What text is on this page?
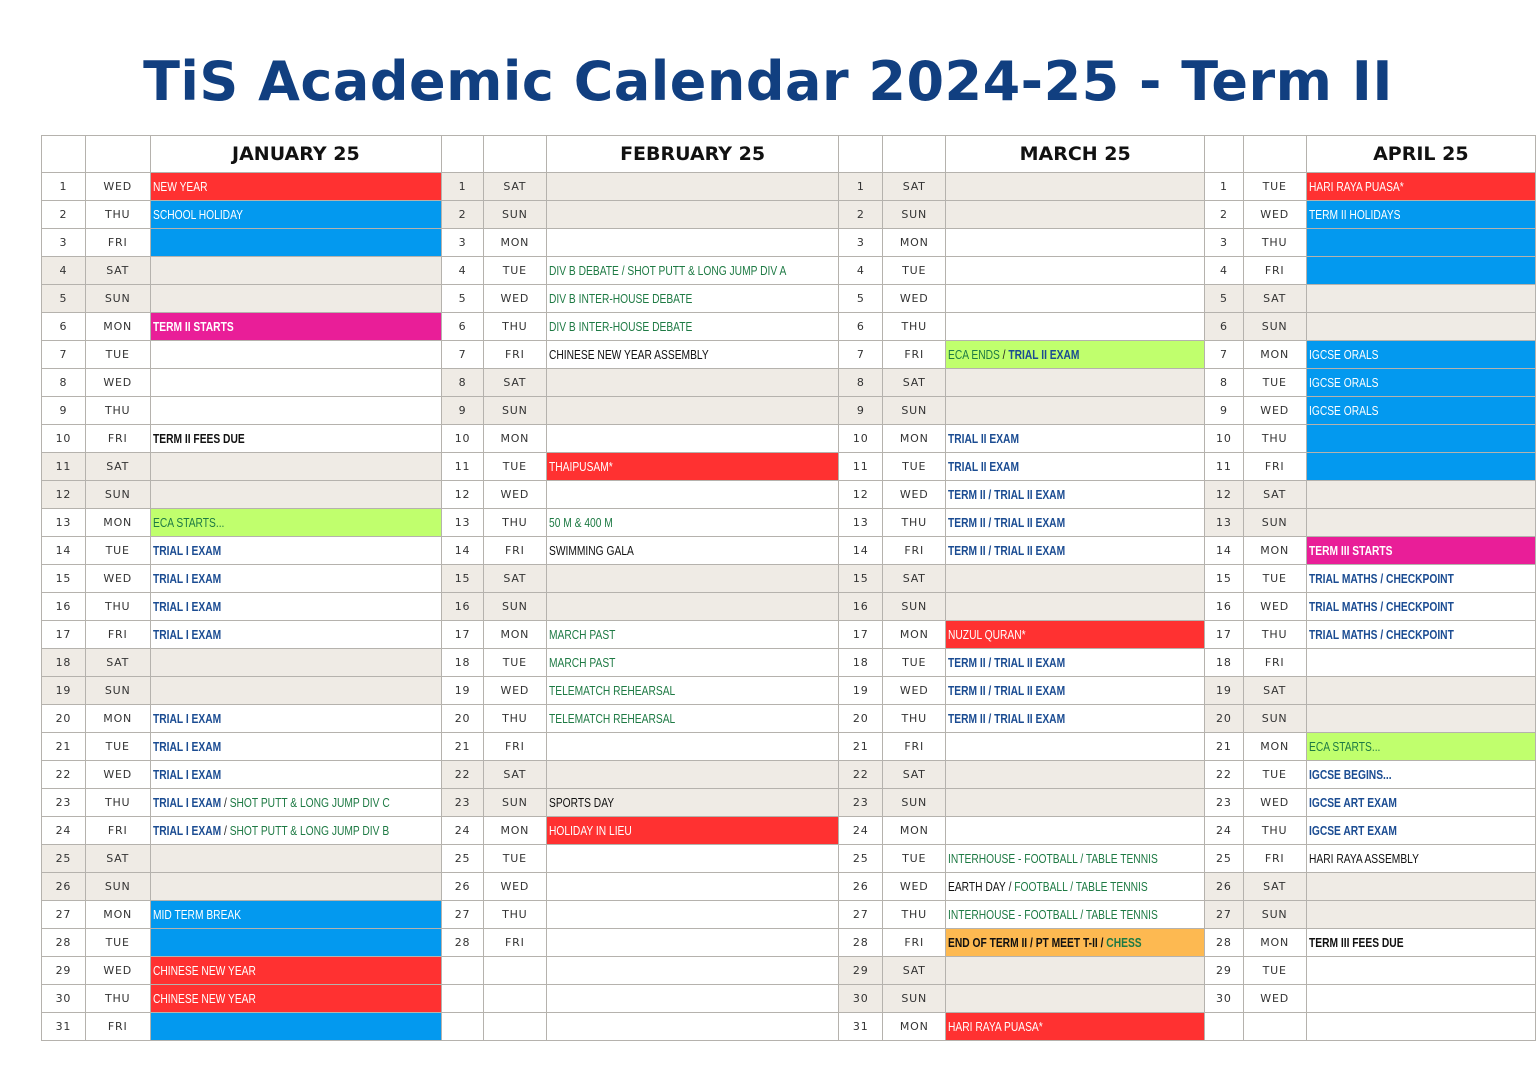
TiS Academic Calendar 2024-25 - Term II
		JANUARY 25			FEBRUARY 25			MARCH 25			APRIL 25
1	WED	NEW YEAR	1	SAT		1	SAT		1	TUE	HARI RAYA PUASA*
2	THU	SCHOOL HOLIDAY	2	SUN		2	SUN		2	WED	TERM II HOLIDAYS
3	FRI		3	MON		3	MON		3	THU	
4	SAT		4	TUE	DIV B DEBATE / SHOT PUTT & LONG JUMP DIV A	4	TUE		4	FRI	
5	SUN		5	WED	DIV B INTER-HOUSE DEBATE	5	WED		5	SAT	
6	MON	TERM II STARTS	6	THU	DIV B INTER-HOUSE DEBATE	6	THU		6	SUN	
7	TUE		7	FRI	CHINESE NEW YEAR ASSEMBLY	7	FRI	ECA ENDS / TRIAL II EXAM	7	MON	IGCSE ORALS
8	WED		8	SAT		8	SAT		8	TUE	IGCSE ORALS
9	THU		9	SUN		9	SUN		9	WED	IGCSE ORALS
10	FRI	TERM II FEES DUE	10	MON		10	MON	TRIAL II EXAM	10	THU	
11	SAT		11	TUE	THAIPUSAM*	11	TUE	TRIAL II EXAM	11	FRI	
12	SUN		12	WED		12	WED	TERM II / TRIAL II EXAM	12	SAT	
13	MON	ECA STARTS...	13	THU	50 M & 400 M	13	THU	TERM II / TRIAL II EXAM	13	SUN	
14	TUE	TRIAL I EXAM	14	FRI	SWIMMING GALA	14	FRI	TERM II / TRIAL II EXAM	14	MON	TERM III STARTS
15	WED	TRIAL I EXAM	15	SAT		15	SAT		15	TUE	TRIAL MATHS / CHECKPOINT
16	THU	TRIAL I EXAM	16	SUN		16	SUN		16	WED	TRIAL MATHS / CHECKPOINT
17	FRI	TRIAL I EXAM	17	MON	MARCH PAST	17	MON	NUZUL QURAN*	17	THU	TRIAL MATHS / CHECKPOINT
18	SAT		18	TUE	MARCH PAST	18	TUE	TERM II / TRIAL II EXAM	18	FRI	
19	SUN		19	WED	TELEMATCH REHEARSAL	19	WED	TERM II / TRIAL II EXAM	19	SAT	
20	MON	TRIAL I EXAM	20	THU	TELEMATCH REHEARSAL	20	THU	TERM II / TRIAL II EXAM	20	SUN	
21	TUE	TRIAL I EXAM	21	FRI		21	FRI		21	MON	ECA STARTS...
22	WED	TRIAL I EXAM	22	SAT		22	SAT		22	TUE	IGCSE BEGINS...
23	THU	TRIAL I EXAM / SHOT PUTT & LONG JUMP DIV C	23	SUN	SPORTS DAY	23	SUN		23	WED	IGCSE ART EXAM
24	FRI	TRIAL I EXAM / SHOT PUTT & LONG JUMP DIV B	24	MON	HOLIDAY IN LIEU	24	MON		24	THU	IGCSE ART EXAM
25	SAT		25	TUE		25	TUE	INTERHOUSE - FOOTBALL / TABLE TENNIS	25	FRI	HARI RAYA ASSEMBLY
26	SUN		26	WED		26	WED	EARTH DAY / FOOTBALL / TABLE TENNIS	26	SAT	
27	MON	MID TERM BREAK	27	THU		27	THU	INTERHOUSE - FOOTBALL / TABLE TENNIS	27	SUN	
28	TUE		28	FRI		28	FRI	END OF TERM II / PT MEET T-II / CHESS	28	MON	TERM III FEES DUE
29	WED	CHINESE NEW YEAR				29	SAT		29	TUE	
30	THU	CHINESE NEW YEAR				30	SUN		30	WED	
31	FRI					31	MON	HARI RAYA PUASA*			
